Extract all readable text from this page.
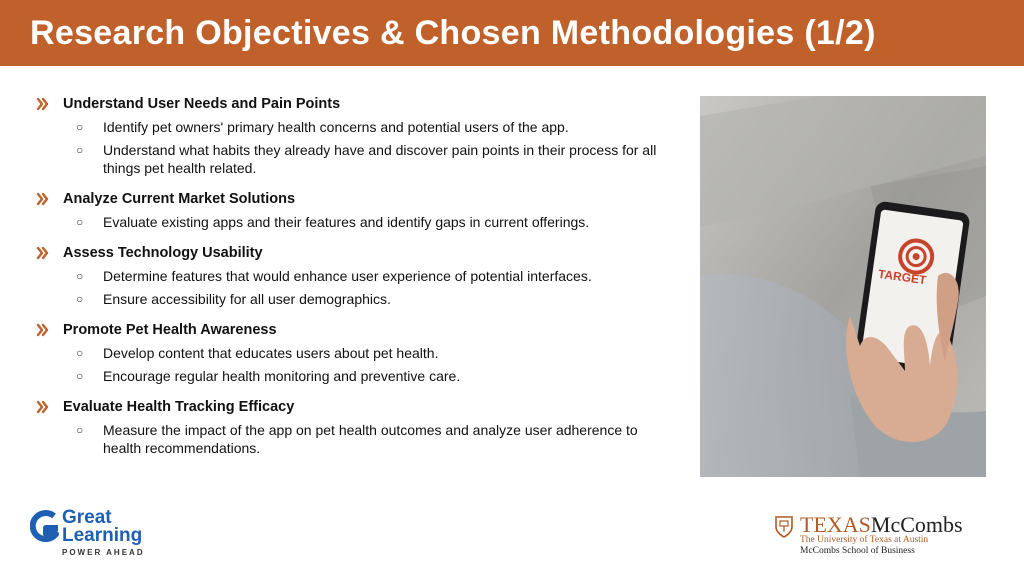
Research Objectives & Chosen Methodologies (1/2)
Understand User Needs and Pain Points
○	Identify pet owners' primary health concerns and potential users of the app.
○	Understand what habits they already have and discover pain points in their process for all things pet health related.
Analyze Current Market Solutions
○	Evaluate existing apps and their features and identify gaps in current offerings.
Assess Technology Usability
○	Determine features that would enhance user experience of potential interfaces.
○	Ensure accessibility for all user demographics.
Promote Pet Health Awareness
○	Develop content that educates users about pet health.
○	Encourage regular health monitoring and preventive care.
Evaluate Health Tracking Efficacy
○	Measure the impact of the app on pet health outcomes and analyze user adherence to health recommendations.
TARGET
Great
Learning
POWER AHEAD
TEXASMcCombs
The University of Texas at Austin
McCombs School of Business
